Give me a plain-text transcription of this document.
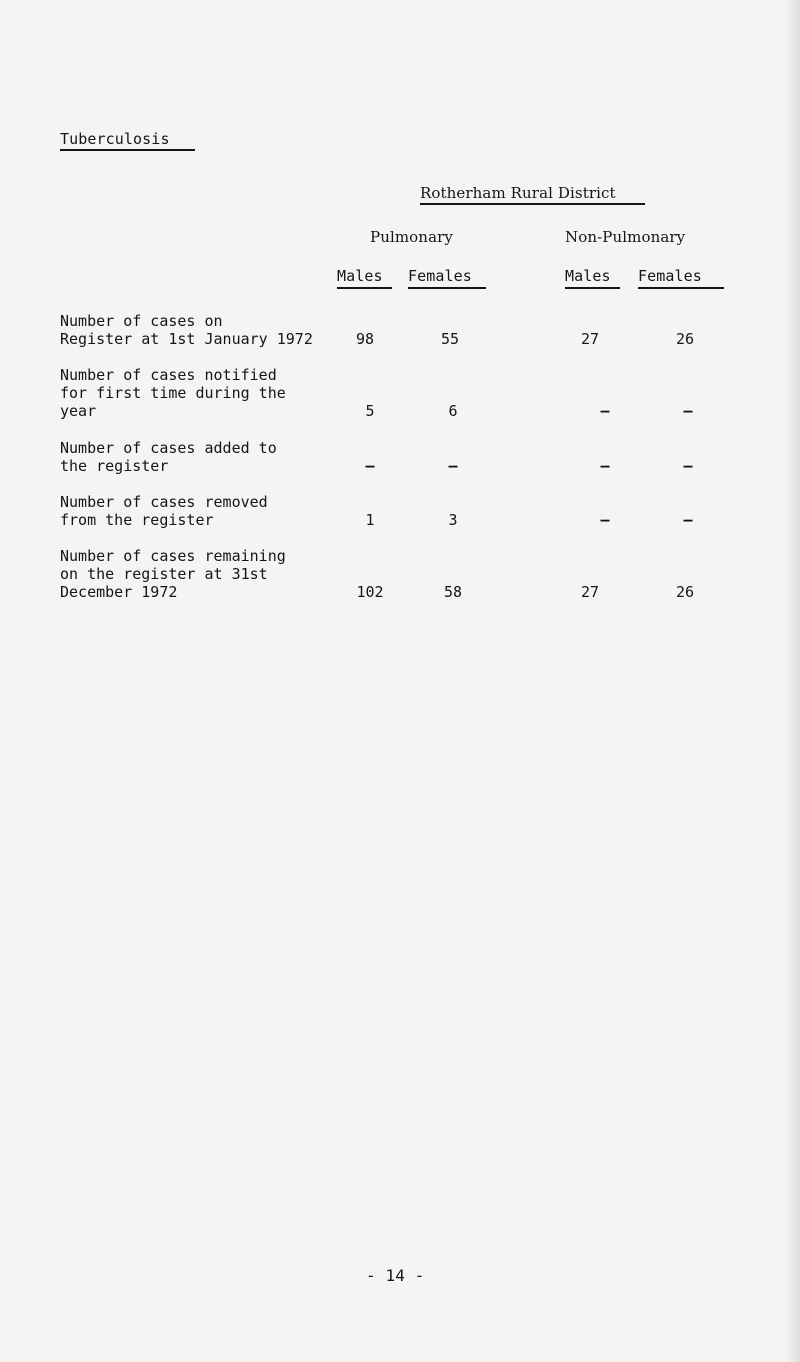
Tuberculosis
Rotherham Rural District
Pulmonary	Non-Pulmonary
Males Females	Males Females
Number of cases on
Register at 1st January 1972	98	55	27	26
Number of cases notified
for first time during the
year	5	6	–	–
Number of cases added to
the register	–	–	–	–
Number of cases removed
from the register	1	3	–	–
Number of cases remaining
on the register at 31st
December 1972	102	58	27	26
- 14 -
